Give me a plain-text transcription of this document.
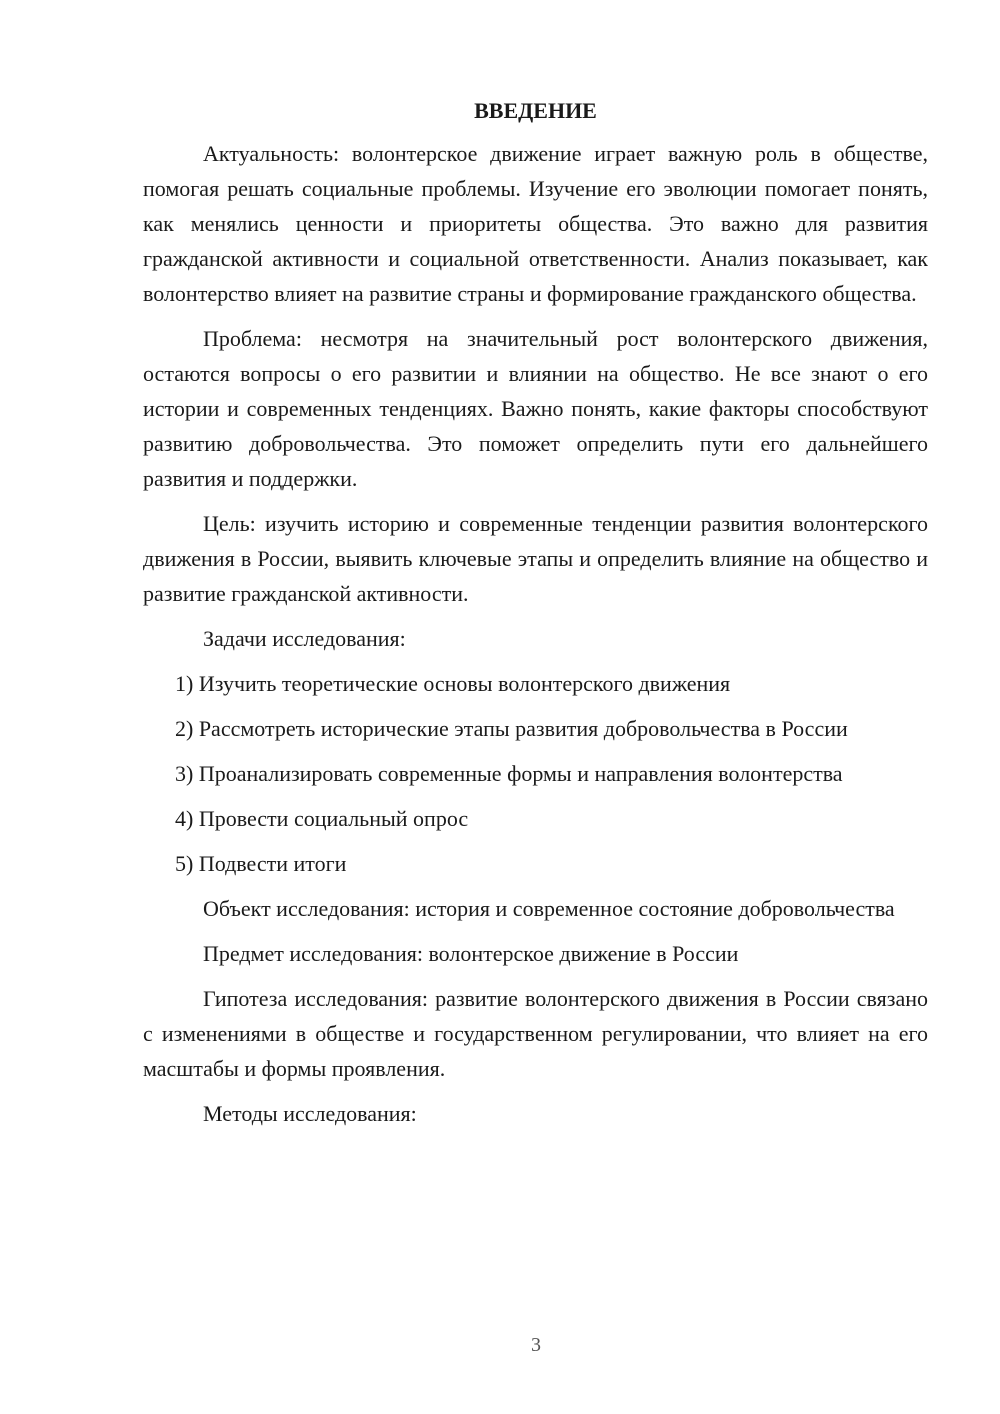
ВВЕДЕНИЕ

Актуальность: волонтерское движение играет важную роль в обществе, помогая решать социальные проблемы. Изучение его эволюции помогает понять, как менялись ценности и приоритеты общества. Это важно для развития гражданской активности и социальной ответственности. Анализ показывает, как волонтерство влияет на развитие страны и формирование гражданского общества.

Проблема: несмотря на значительный рост волонтерского движения, остаются вопросы о его развитии и влиянии на общество. Не все знают о его истории и современных тенденциях. Важно понять, какие факторы способствуют развитию добровольчества. Это поможет определить пути его дальнейшего развития и поддержки.

Цель: изучить историю и современные тенденции развития волонтерского движения в России, выявить ключевые этапы и определить влияние на общество и развитие гражданской активности.

Задачи исследования:

1) Изучить теоретические основы волонтерского движения

2) Рассмотреть исторические этапы развития добровольчества в России

3) Проанализировать современные формы и направления волонтерства

4) Провести социальный опрос

5) Подвести итоги

Объект исследования: история и современное состояние добровольчества

Предмет исследования: волонтерское движение в России

Гипотеза исследования: развитие волонтерского движения в России связано с изменениями в обществе и государственном регулировании, что влияет на его масштабы и формы проявления.

Методы исследования:

3
